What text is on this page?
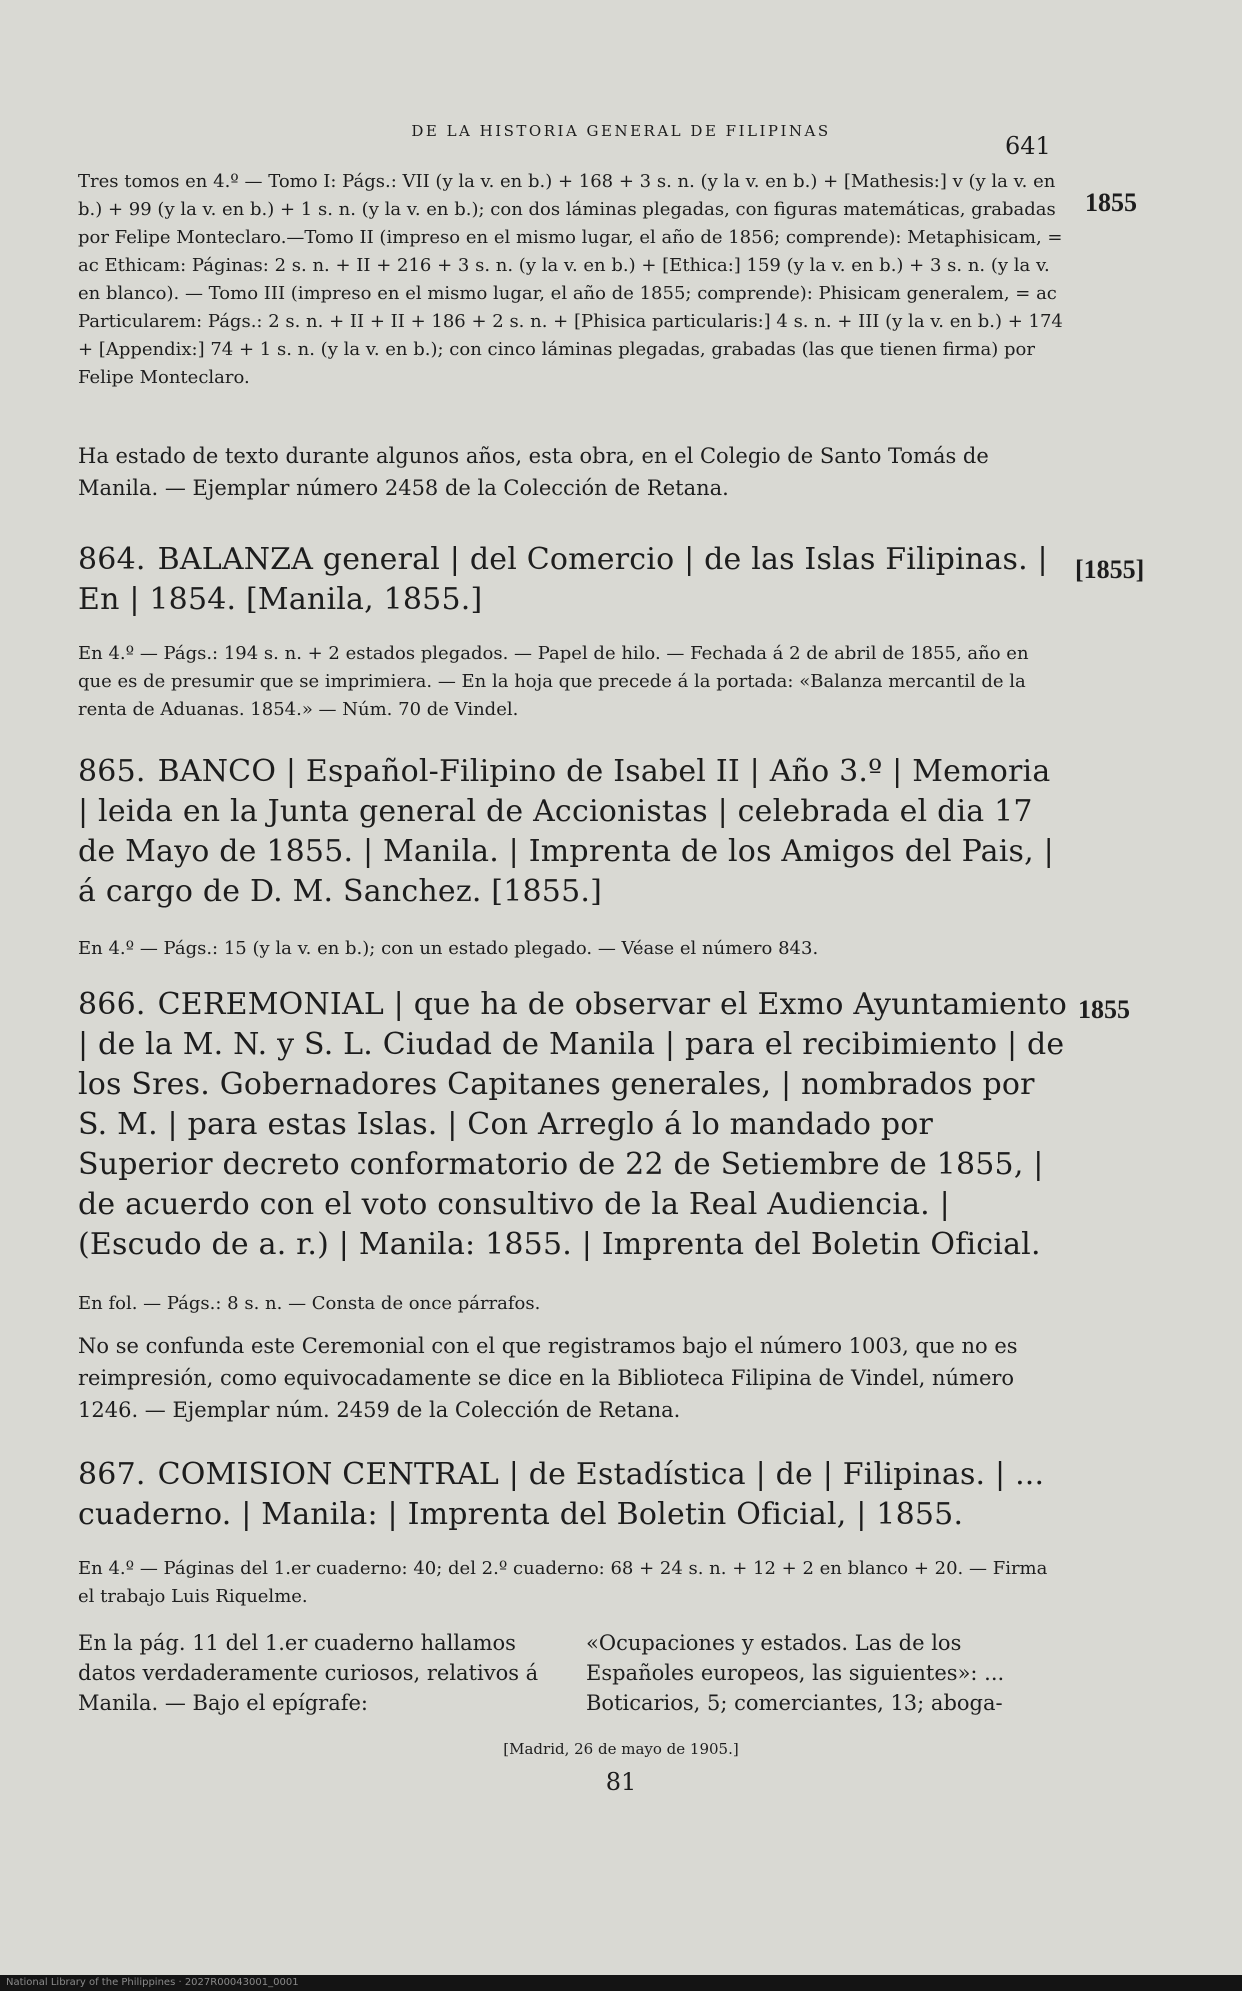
DE LA HISTORIA GENERAL DE FILIPINAS
641
1855
[1855]
1855
Tres tomos en 4.º — Tomo I: Págs.: VII (y la v. en b.) + 168 + 3 s. n. (y la v. en b.) + [Mathesis:] v (y la v. en b.) + 99 (y la v. en b.) + 1 s. n. (y la v. en b.); con dos láminas plegadas, con figuras matemáticas, grabadas por Felipe Monteclaro.—Tomo II (impreso en el mismo lugar, el año de 1856; comprende): Metaphisicam, = ac Ethicam: Páginas: 2 s. n. + II + 216 + 3 s. n. (y la v. en b.) + [Ethica:] 159 (y la v. en b.) + 3 s. n. (y la v. en blanco). — Tomo III (impreso en el mismo lugar, el año de 1855; comprende): Phisicam generalem, = ac Particularem: Págs.: 2 s. n. + II + II + 186 + 2 s. n. + [Phisica particularis:] 4 s. n. + III (y la v. en b.) + 174 + [Appendix:] 74 + 1 s. n. (y la v. en b.); con cinco láminas plegadas, grabadas (las que tienen firma) por Felipe Monteclaro.
Ha estado de texto durante algunos años, esta obra, en el Colegio de Santo Tomás de Manila. — Ejemplar número 2458 de la Colección de Retana.
864. BALANZA general | del Comercio | de las Islas Filipinas. | En | 1854. [Manila, 1855.]
En 4.º — Págs.: 194 s. n. + 2 estados plegados. — Papel de hilo. — Fechada á 2 de abril de 1855, año en que es de presumir que se imprimiera. — En la hoja que precede á la portada: «Balanza mercantil de la renta de Aduanas. 1854.» — Núm. 70 de Vindel.
865. BANCO | Español-Filipino de Isabel II | Año 3.º | Memoria | leida en la Junta general de Accionistas | celebrada el dia 17 de Mayo de 1855. | Manila. | Imprenta de los Amigos del Pais, | á cargo de D. M. Sanchez. [1855.]
En 4.º — Págs.: 15 (y la v. en b.); con un estado plegado. — Véase el número 843.
866. CEREMONIAL | que ha de observar el Exmo Ayuntamiento | de la M. N. y S. L. Ciudad de Manila | para el recibimiento | de los Sres. Gobernadores Capitanes generales, | nombrados por S. M. | para estas Islas. | Con Arreglo á lo mandado por Superior decreto conformatorio de 22 de Setiembre de 1855, | de acuerdo con el voto consultivo de la Real Audiencia. | (Escudo de a. r.) | Manila: 1855. | Imprenta del Boletin Oficial.
En fol. — Págs.: 8 s. n. — Consta de once párrafos.
No se confunda este Ceremonial con el que registramos bajo el número 1003, que no es reimpresión, como equivocadamente se dice en la Biblioteca Filipina de Vindel, número 1246. — Ejemplar núm. 2459 de la Colección de Retana.
867. COMISION CENTRAL | de Estadística | de | Filipinas. | ... cuaderno. | Manila: | Imprenta del Boletin Oficial, | 1855.
En 4.º — Páginas del 1.er cuaderno: 40; del 2.º cuaderno: 68 + 24 s. n. + 12 + 2 en blanco + 20. — Firma el trabajo Luis Riquelme.
En la pág. 11 del 1.er cuaderno hallamos datos verdaderamente curiosos, relativos á Manila. — Bajo el epígrafe:
«Ocupaciones y estados. Las de los Españoles europeos, las siguientes»: ... Boticarios, 5; comerciantes, 13; aboga-
[Madrid, 26 de mayo de 1905.]
81
National Library of the Philippines · 2027R00043001_0001
